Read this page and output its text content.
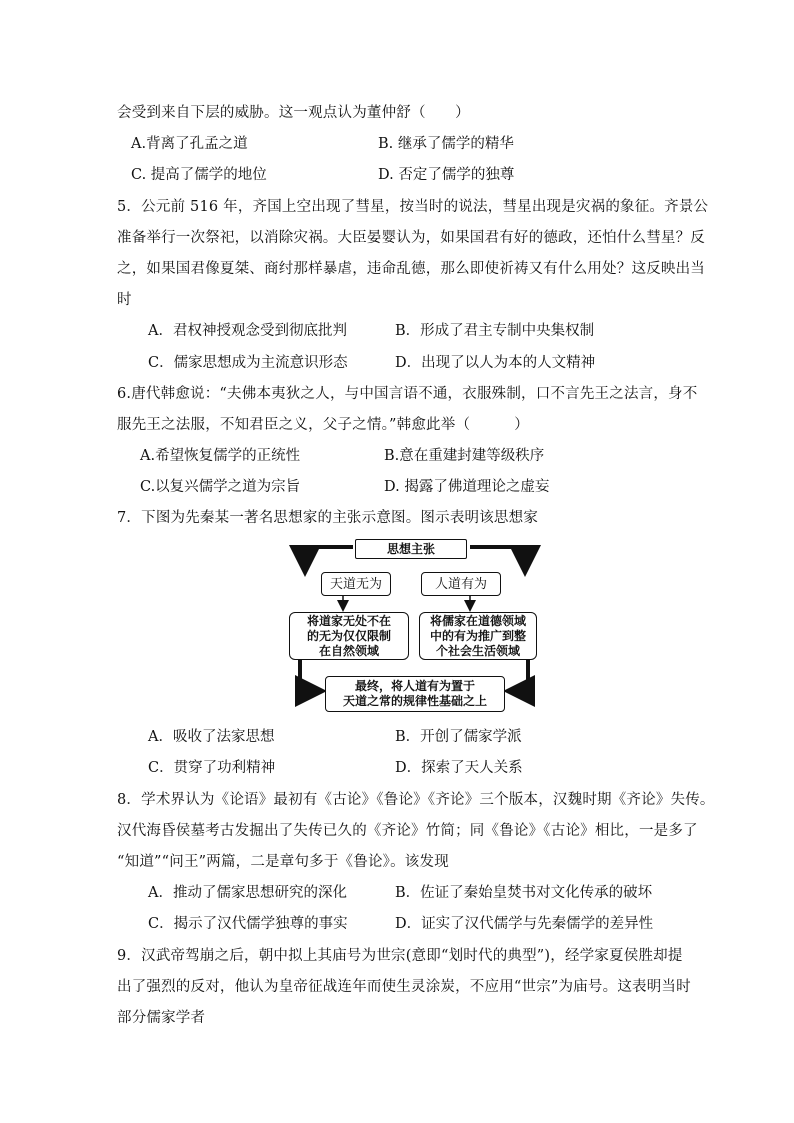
会受到来自下层的威胁。这一观点认为董仲舒（　　）
A.背离了孔孟之道	B. 继承了儒学的精华
C. 提高了儒学的地位	D. 否定了儒学的独尊
5．公元前 516 年，齐国上空出现了彗星，按当时的说法，彗星出现是灾祸的象征。齐景公
准备举行一次祭祀，以消除灾祸。大臣晏婴认为，如果国君有好的德政，还怕什么彗星？反
之，如果国君像夏桀、商纣那样暴虐，违命乱德，那么即使祈祷又有什么用处？这反映出当
时
A．君权神授观念受到彻底批判	B．形成了君主专制中央集权制
C．儒家思想成为主流意识形态	D．出现了以人为本的人文精神
6.唐代韩愈说：“夫佛本夷狄之人，与中国言语不通，衣服殊制，口不言先王之法言，身不
服先王之法服，不知君臣之义，父子之情。”韩愈此举（　　　）
A.希望恢复儒学的正统性	B.意在重建封建等级秩序
C.以复兴儒学之道为宗旨	D. 揭露了佛道理论之虚妄
7．下图为先秦某一著名思想家的主张示意图。图示表明该思想家
思想主张
天道无为	人道有为
将道家无处不在
的无为仅仅限制
在自然领域
将儒家在道德领域
中的有为推广到整
个社会生活领域
最终，将人道有为置于
天道之常的规律性基础之上
A．吸收了法家思想	B．开创了儒家学派
C．贯穿了功利精神	D．探索了天人关系
8．学术界认为《论语》最初有《古论》《鲁论》《齐论》三个版本，汉魏时期《齐论》失传。
汉代海昏侯墓考古发掘出了失传已久的《齐论》竹简；同《鲁论》《古论》相比，一是多了
“知道”“问王”两篇，二是章句多于《鲁论》。该发现
A．推动了儒家思想研究的深化	B．佐证了秦始皇焚书对文化传承的破坏
C．揭示了汉代儒学独尊的事实	D．证实了汉代儒学与先秦儒学的差异性
9．汉武帝驾崩之后，朝中拟上其庙号为世宗(意即“划时代的典型”)，经学家夏侯胜却提
出了强烈的反对，他认为皇帝征战连年而使生灵涂炭，不应用“世宗”为庙号。这表明当时
部分儒家学者
